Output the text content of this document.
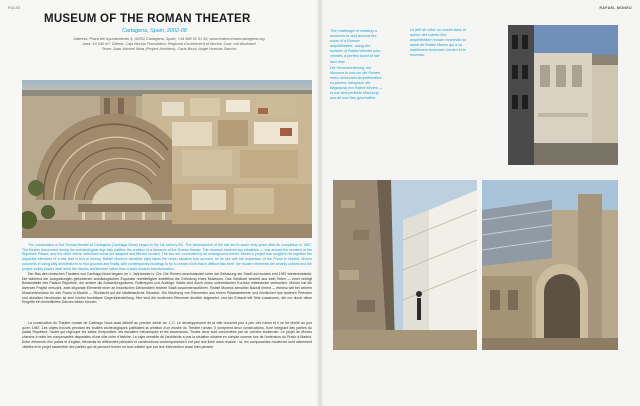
FOLIO	RAFAEL MONEO
MUSEUM OF THE ROMAN THEATER
Cartagena, Spain, 2002-08
Address: Plaza del Ayuntamiento 9, 30201 Cartagena, Spain, +34 968 52 51 49, www.teatroromanocartagena.org
Area: 10 540 m². Clients: Caja Murcia Foundation, Regional Government of Murcia. Cost: not disclosed
Team: Juan Manuel Mota (Project Architect), Carla Bruni, Angel Huertas Sancho
The challenge of creating a museum to and around the ruins of a Roman amphitheater, using the outside of Rafael Moneo who creates a perfect bond of old and new.
Die Herausforderung, ein Museum in und um die Ruinen eines römischen Amphitheaters zu planen, entsprach der Begabung von Rafael Moneo — er hat eine perfekte Mischung aus Alt und Neu geschaffen.
Le défi de créer un musée dans et autour des ruines d'un amphithéâtre romain convenait au talent de Rafael Moneo qui a su habilement fusionner l'ancien et le nouveau.

The construction of the Roman theater at Cartagena (Carthago Nova) began in the 1st century BC. The development of the site led to some sixty years after its completion in 1987. The theater discovered during the archaeological digs fully justifies the creation of a Museum of the Roman theater. The museum involves two situations — one around the sections of the Riquelme Palace, and the other where individual rooms are adapted and lifts are located. The two are connected by an underground tunnel. Moneo's project has sought to tie together the disparate elements of a site that is rich in history. Rafael Moneo's sensitive style takes the urban situation into account, as he did with the expansion of the Prado in Madrid. Moneo succeeds in using lofty architectures to find grounds and finally, with contemporary buildings to try to create a link that is difficult fails here; the modern elements are smartly clothed and the project visibly places itself amid the historic architecture rather than a stark modern transformation.

Der Bau des römischen Theaters von Carthago Nova begann im 1. Jahrhundert v. Chr. Die Ruinen verschwanden unter der Bebauung der Stadt und wurden erst 1987 wiederentdeckt. Die während der Ausgrabungen gefundenen archäologischen Exponate rechtfertigten zweifellos die Gründung eines Museums. Das Gebäude besteht aus zwei Teilen — einer verfügt Bestandteile des Palacio Riquelme, der andere die Ausstellungsräume, Rolltreppen und Aufzüge. Beide sind durch einen unterirdischen Korridor miteinander verbunden. Moneo hat die diversen Projekt versucht, zwei disparate Elemente einer an historischen Denkmälern reichen Stadt zusammenzuführen. Rafael Moneos sensibler Baustil nimmt — ebenso wie bei seinem Museumsneubau für den Prado in Madrid — Rücksicht auf die städtebauliche Situation. Die Mischung von Elementen aus einem Palastambiente und kirchlichen aus anderen Perioden und aktuellen Neubauten ist eine höchst fruchtbare Gegenüberstellung: Hier sind die modernen Elemente deutlich abgesetzt, und der Entwurf tritt Teile zusammen, die nur durch diese Eingriffe ein einheitliches Ganzes bilden können.

La construction du Théâtre romain de Carthago Nova avait débuté au premier siècle av. J.-C. Le développement de la ville recouvrit peu à peu ces ruines et il ne fut révélé au jour qu'en 1987. Les objets trouvés pendant les fouilles archéologiques justifiaient la création d'un musée du Théâtre romain. Il comprend deux constructions, l'une intégrant des parties du palais Riquelme, l'autre qui regroupe les salles d'exposition, les escaliers mécaniques et les ascenseurs. Toutes deux sont connectées par un corridor souterrain. Le projet de Moneo cherche à relier les composantes disparates d'une ville riche d'histoire. Le style sensible de l'architecte a pris la situation urbaine en compte comme lors de l'extension du Prado à Madrid. Entre éléments d'un palais et d'église, éléments de différentes périodes et constructions contemporaines il est pari une fiche dans réussie : ici, les composantes modernes sont clairement visibles et le projet rassemble des parties qui ne peuvent former un tout unitaire que par leur intervention aussi bien pensée.
